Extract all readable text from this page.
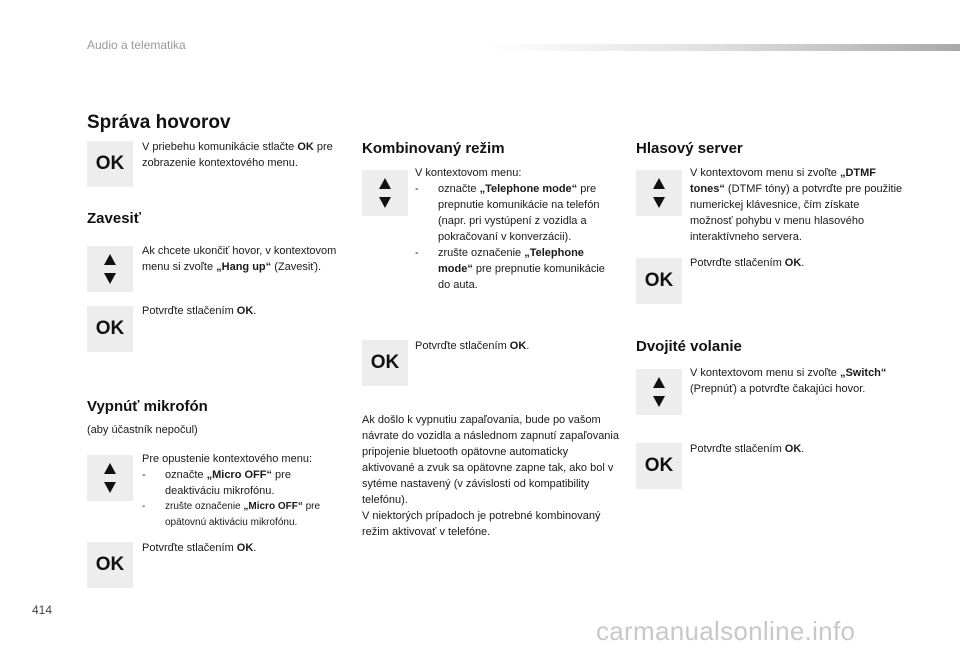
Audio a telematika
Správa hovorov
OK
V priebehu komunikácie stlačte OK pre zobrazenie kontextového menu.
Zavesiť
Ak chcete ukončiť hovor, v kontextovom menu si zvoľte „Hang up“ (Zavesiť).
OK
Potvrďte stlačením OK.
Vypnúť mikrofón
(aby účastník nepočul)
Pre opustenie kontextového menu:
- označte „Micro OFF“ pre deaktiváciu mikrofónu.
- zrušte označenie „Micro OFF“ pre opätovnú aktiváciu mikrofónu.
OK
Potvrďte stlačením OK.
Kombinovaný režim
V kontextovom menu:
- označte „Telephone mode“ pre prepnutie komunikácie na telefón (napr. pri vystúpení z vozidla a pokračovaní v konverzácii).
- zrušte označenie „Telephone mode“ pre prepnutie komunikácie do auta.
OK
Potvrďte stlačením OK.
Ak došlo k vypnutiu zapaľovania, bude po vašom návrate do vozidla a následnom zapnutí zapaľovania pripojenie bluetooth opätovne automaticky aktivované a zvuk sa opätovne zapne tak, ako bol v sytéme nastavený (v závislosti od kompatibility telefónu).
V niektorých prípadoch je potrebné kombinovaný režim aktivovať v telefóne.
Hlasový server
V kontextovom menu si zvoľte „DTMF tones“ (DTMF tóny) a potvrďte pre použitie numerickej klávesnice, čím získate možnosť pohybu v menu hlasového interaktívneho servera.
OK
Potvrďte stlačením OK.
Dvojité volanie
V kontextovom menu si zvoľte „Switch“ (Prepnúť) a potvrďte čakajúci hovor.
OK
Potvrďte stlačením OK.
414
carmanualsonline.info
